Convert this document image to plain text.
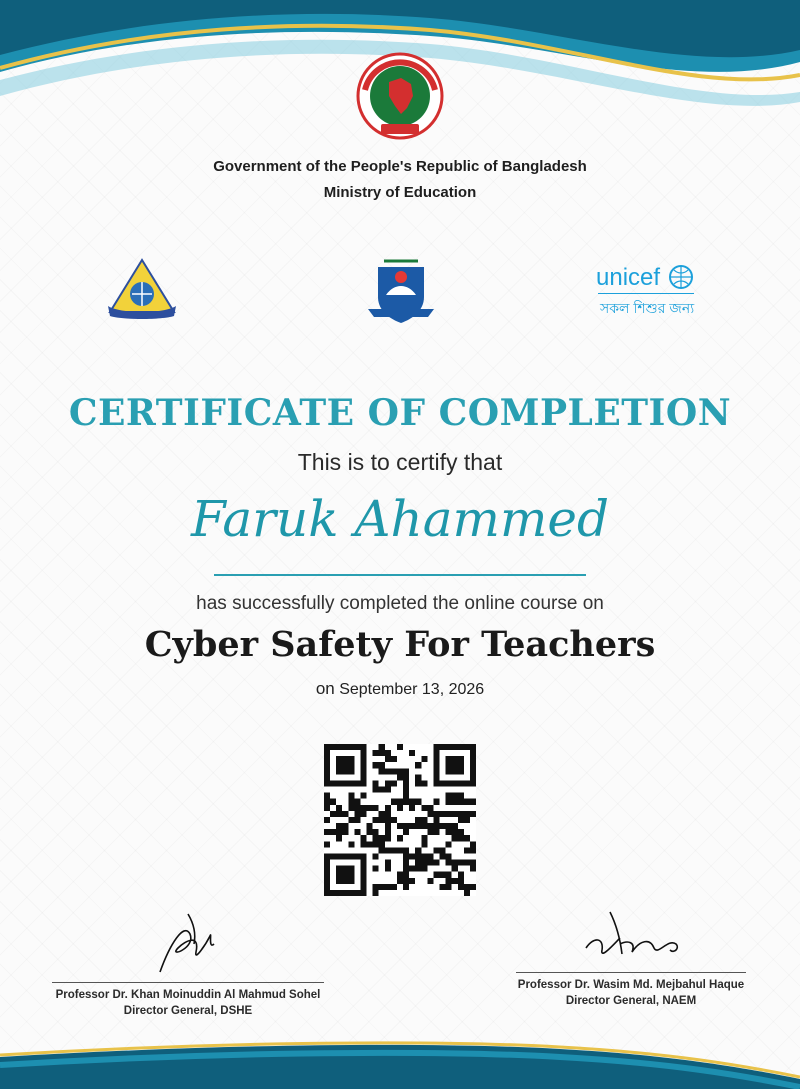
Government of the People's Republic of Bangladesh
Ministry of Education
unicef
সকল শিশুর জন্য
CERTIFICATE OF COMPLETION
This is to certify that
Faruk Ahammed
has successfully completed the online course on
Cyber Safety For Teachers
on September 13, 2026
Professor Dr. Khan Moinuddin Al Mahmud Sohel
Director General, DSHE
Professor Dr. Wasim Md. Mejbahul Haque
Director General, NAEM
